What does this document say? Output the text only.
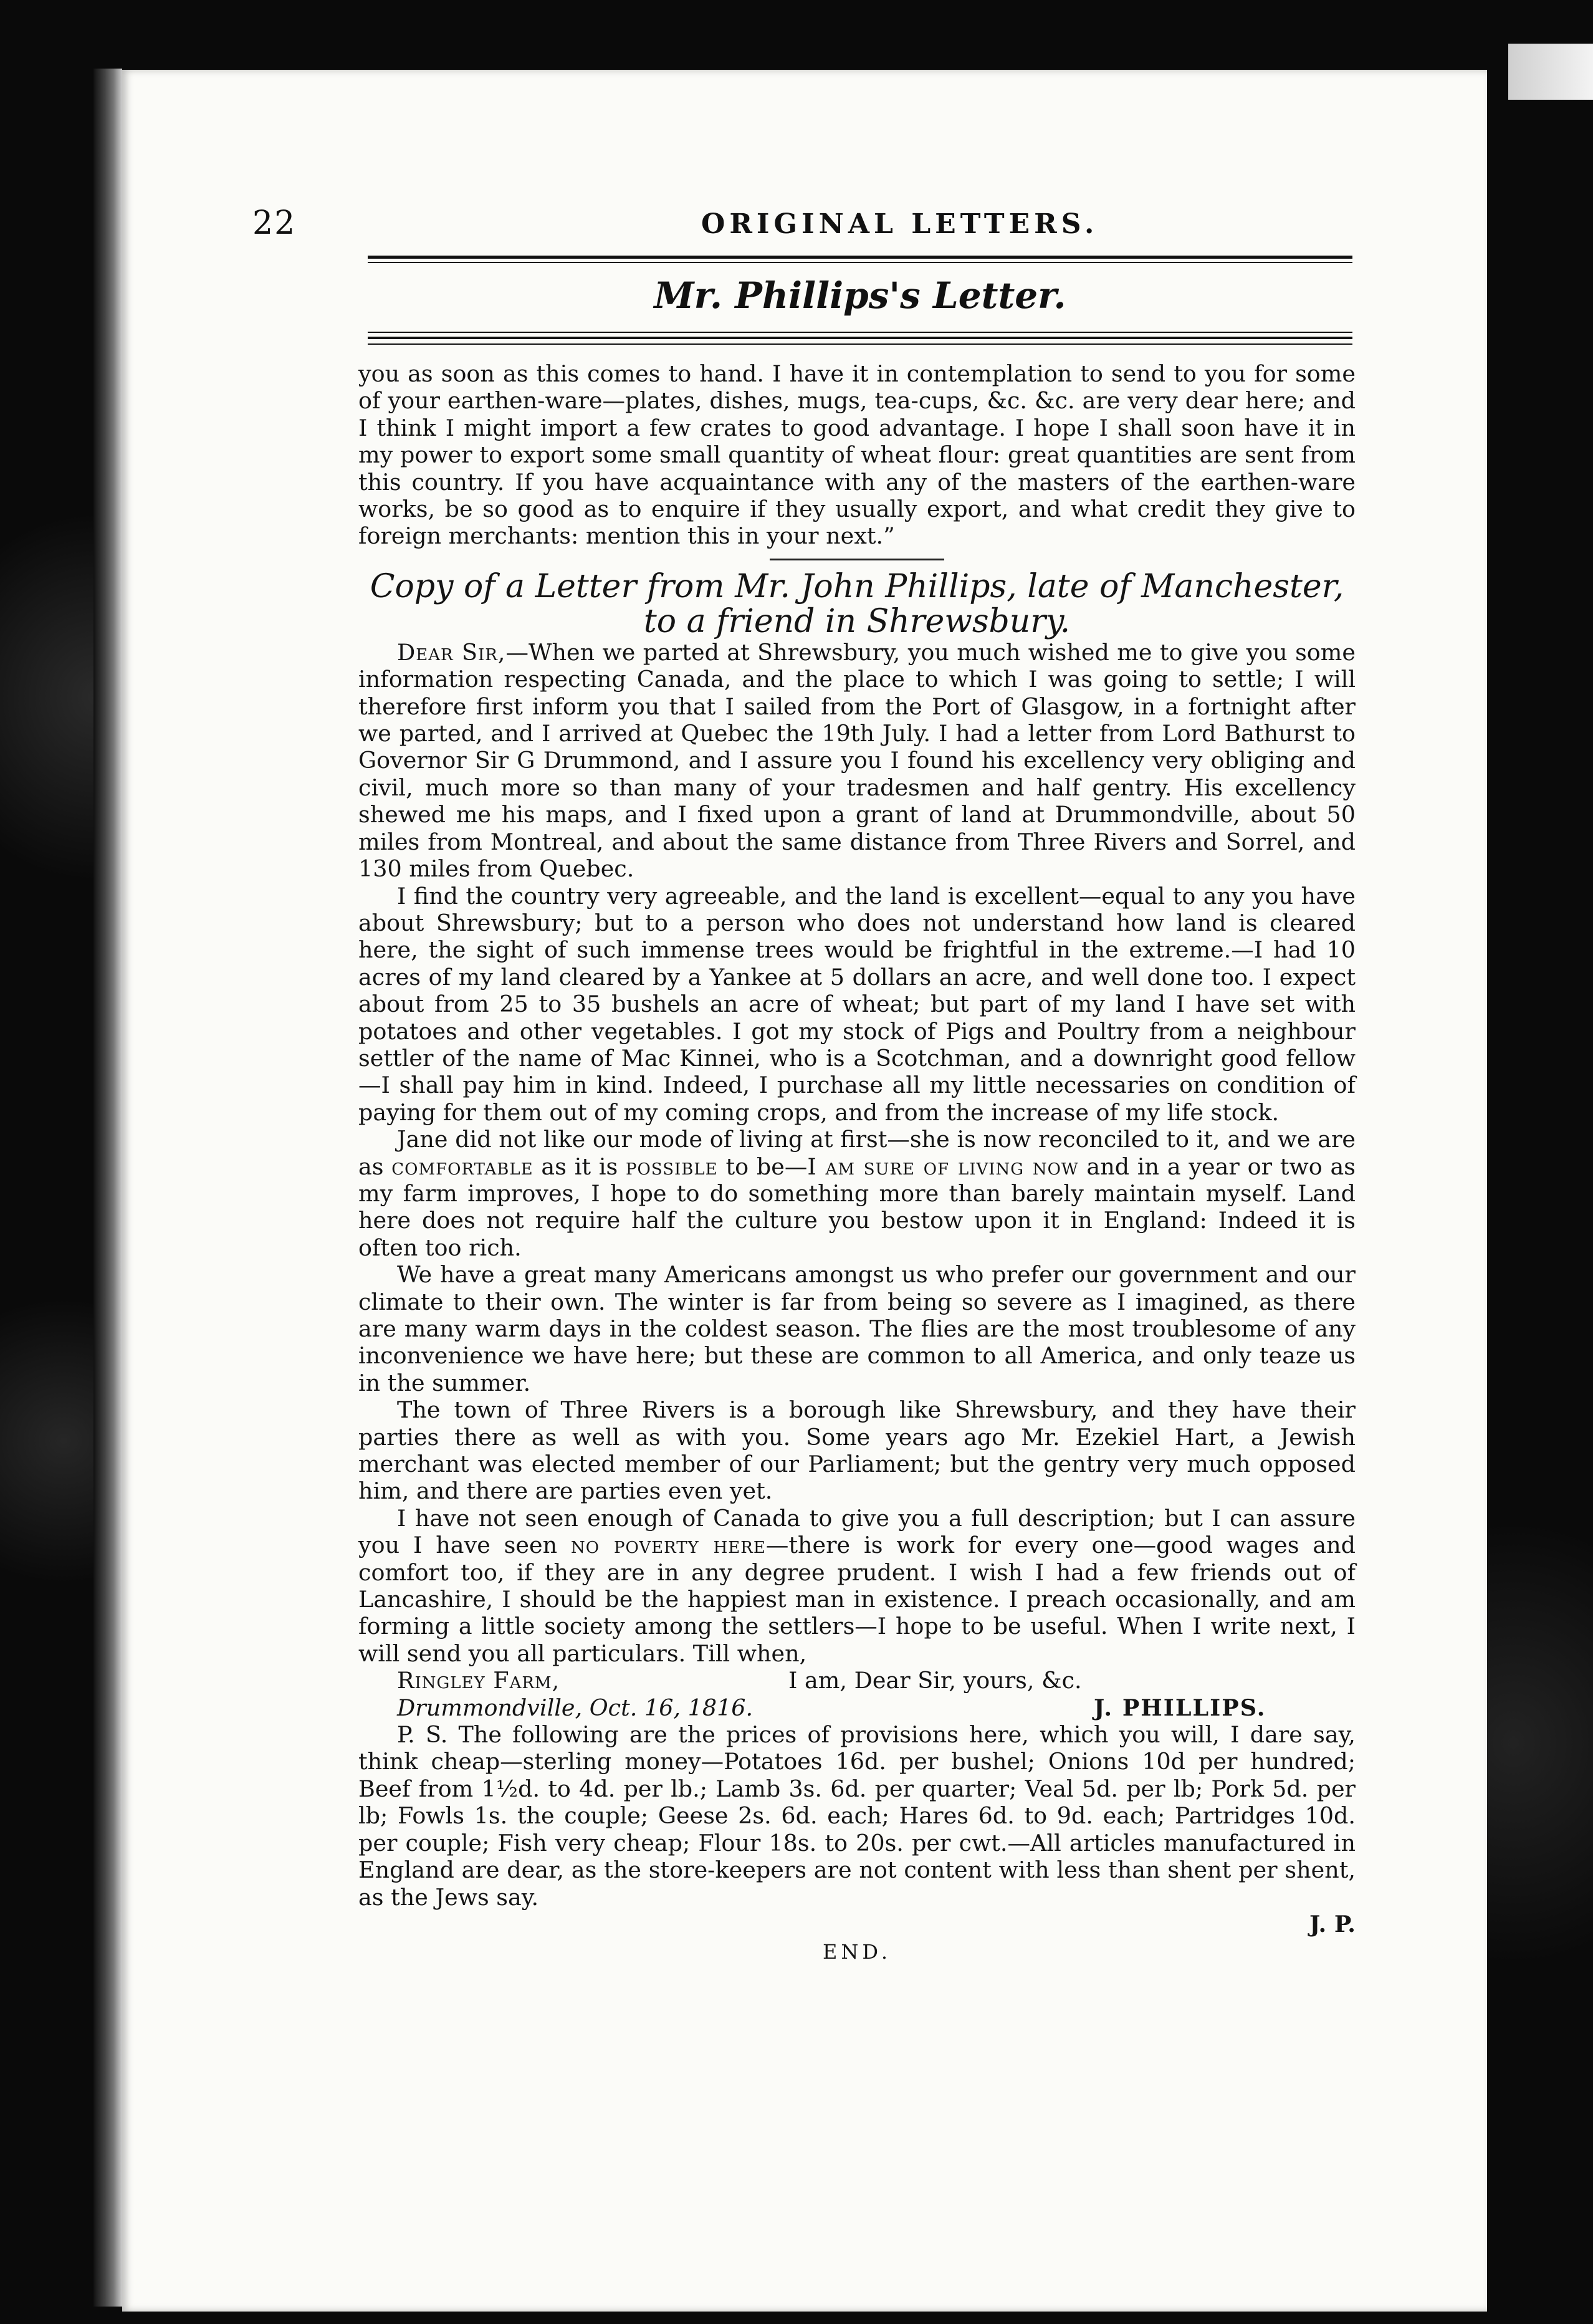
22	ORIGINAL LETTERS.
Mr. Phillips's Letter.

you as soon as this comes to hand. I have it in contemplation to send to you for some of your earthen-ware—plates, dishes, mugs, tea-cups, &c. &c. are very dear here; and I think I might import a few crates to good advantage. I hope I shall soon have it in my power to export some small quantity of wheat flour: great quantities are sent from this country. If you have acquaintance with any of the masters of the earthen-ware works, be so good as to enquire if they usually export, and what credit they give to foreign merchants: mention this in your next.”

Copy of a Letter from Mr. John Phillips, late of Manchester, to a friend in Shrewsbury.

Dear Sir,—When we parted at Shrewsbury, you much wished me to give you some information respecting Canada, and the place to which I was going to settle; I will therefore first inform you that I sailed from the Port of Glasgow, in a fortnight after we parted, and I arrived at Quebec the 19th July. I had a letter from Lord Bathurst to Governor Sir G Drummond, and I assure you I found his excellency very obliging and civil, much more so than many of your tradesmen and half gentry. His excellency shewed me his maps, and I fixed upon a grant of land at Drummondville, about 50 miles from Montreal, and about the same distance from Three Rivers and Sorrel, and 130 miles from Quebec.

I find the country very agreeable, and the land is excellent—equal to any you have about Shrewsbury; but to a person who does not understand how land is cleared here, the sight of such immense trees would be frightful in the extreme.—I had 10 acres of my land cleared by a Yankee at 5 dollars an acre, and well done too. I expect about from 25 to 35 bushels an acre of wheat; but part of my land I have set with potatoes and other vegetables. I got my stock of Pigs and Poultry from a neighbour settler of the name of Mac Kinnei, who is a Scotchman, and a downright good fellow—I shall pay him in kind. Indeed, I purchase all my little necessaries on condition of paying for them out of my coming crops, and from the increase of my life stock.

Jane did not like our mode of living at first—she is now reconciled to it, and we are as comfortable as it is possible to be—I am sure of living now and in a year or two as my farm improves, I hope to do something more than barely maintain myself. Land here does not require half the culture you bestow upon it in England: Indeed it is often too rich.

We have a great many Americans amongst us who prefer our government and our climate to their own. The winter is far from being so severe as I imagined, as there are many warm days in the coldest season. The flies are the most troublesome of any inconvenience we have here; but these are common to all America, and only teaze us in the summer.

The town of Three Rivers is a borough like Shrewsbury, and they have their parties there as well as with you. Some years ago Mr. Ezekiel Hart, a Jewish merchant was elected member of our Parliament; but the gentry very much opposed him, and there are parties even yet.

I have not seen enough of Canada to give you a full description; but I can assure you I have seen no poverty here—there is work for every one—good wages and comfort too, if they are in any degree prudent. I wish I had a few friends out of Lancashire, I should be the happiest man in existence. I preach occasionally, and am forming a little society among the settlers—I hope to be useful. When I write next, I will send you all particulars. Till when,

Ringley Farm,	I am, Dear Sir, yours, &c.
Drummondville, Oct. 16, 1816.	J. PHILLIPS.

P. S. The following are the prices of provisions here, which you will, I dare say, think cheap—sterling money—Potatoes 16d. per bushel; Onions 10d per hundred; Beef from 1½d. to 4d. per lb.; Lamb 3s. 6d. per quarter; Veal 5d. per lb; Pork 5d. per lb; Fowls 1s. the couple; Geese 2s. 6d. each; Hares 6d. to 9d. each; Partridges 10d. per couple; Fish very cheap; Flour 18s. to 20s. per cwt.—All articles manufactured in England are dear, as the store-keepers are not content with less than shent per shent, as the Jews say.

J. P.
END.
